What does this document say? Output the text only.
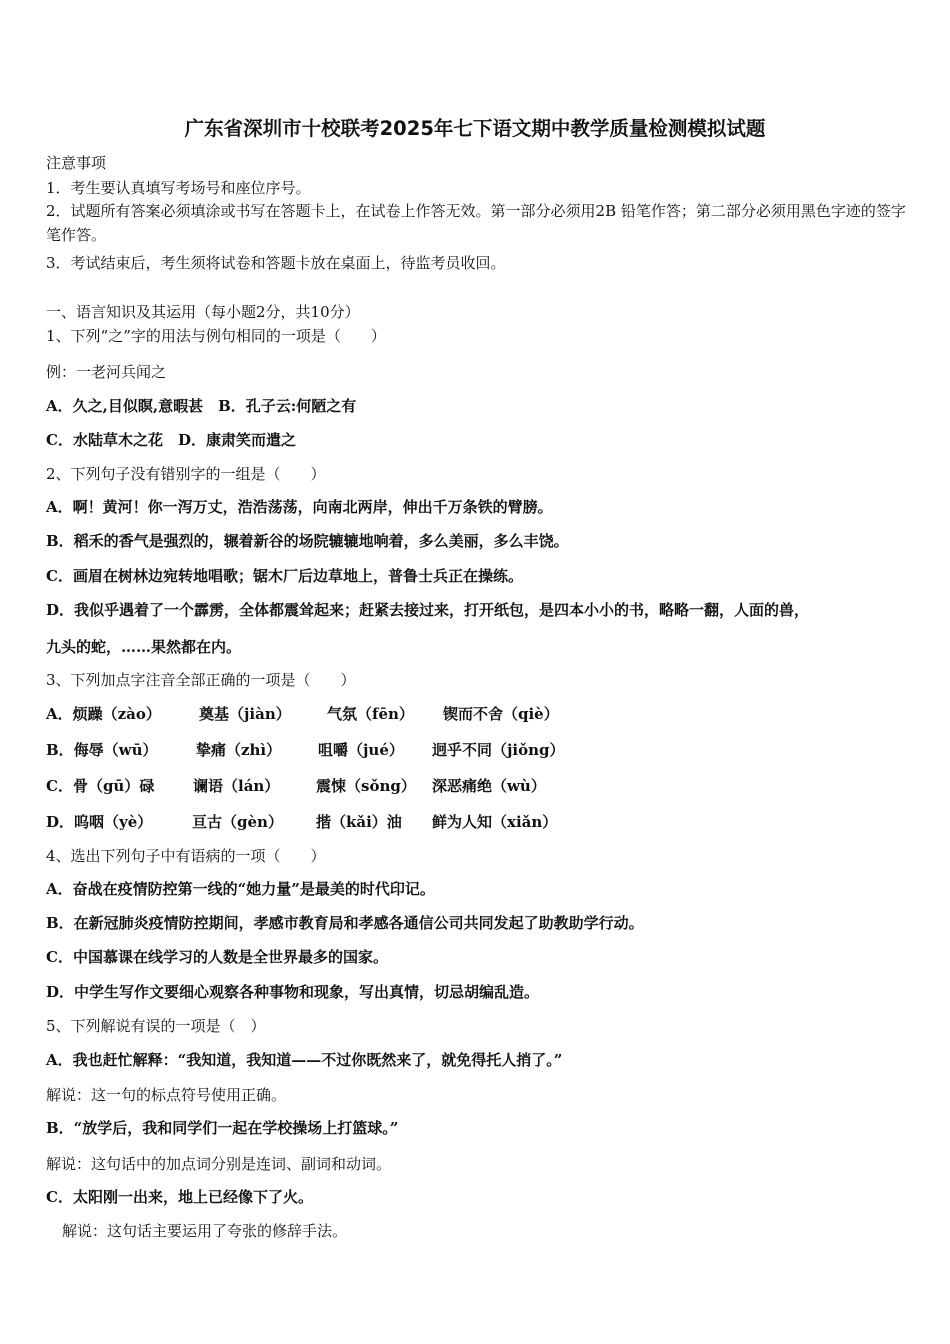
广东省深圳市十校联考2025年七下语文期中教学质量检测模拟试题
注意事项
1．考生要认真填写考场号和座位序号。
2．试题所有答案必须填涂或书写在答题卡上，在试卷上作答无效。第一部分必须用2B 铅笔作答；第二部分必须用黑色字迹的签字笔作答。
3．考试结束后，考生须将试卷和答题卡放在桌面上，待监考员收回。
一、语言知识及其运用（每小题2分，共10分）
1、下列“之”字的用法与例句相同的一项是（　　）
例：一老河兵闻之
A．久之,目似瞑,意暇甚　B．孔子云:何陋之有
C．水陆草木之花　D．康肃笑而遣之
2、下列句子没有错别字的一组是（　　）
A．啊！黄河！你一泻万丈，浩浩荡荡，向南北两岸，伸出千万条铁的臂膀。
B．稻禾的香气是强烈的，辗着新谷的场院辘辘地响着，多么美丽，多么丰饶。
C．画眉在树林边宛转地唱歌；锯木厂后边草地上，普鲁士兵正在操练。
D．我似乎遇着了一个霹雳，全体都震耸起来；赶紧去接过来，打开纸包，是四本小小的书，略略一翻，人面的兽，
九头的蛇，……果然都在内。
3、下列加点字注音全部正确的一项是（　　）
A．烦躁（zào）	奠基（jiàn） 气氛（fēn） 锲而不舍（qiè）
B．侮辱（wū）	挚痛（zhì） 咀嚼（jué） 迥乎不同（jiǒng）
C．骨（gū）碌	谰语（lán） 震悚（sǒng） 深恶痛绝（wù）
D．呜咽（yè）	亘古（gèn） 揩（kǎi）油 鲜为人知（xiǎn）
4、选出下列句子中有语病的一项（　　）
A．奋战在疫情防控第一线的“她力量”是最美的时代印记。
B．在新冠肺炎疫情防控期间，孝感市教育局和孝感各通信公司共同发起了助教助学行动。
C．中国慕课在线学习的人数是全世界最多的国家。
D．中学生写作文要细心观察各种事物和现象，写出真情，切忌胡编乱造。
5、下列解说有误的一项是（　）
A．我也赶忙解释：“我知道，我知道——不过你既然来了，就免得托人捎了。”
解说：这一句的标点符号使用正确。
B．“放学后，我和同学们一起在学校操场上打篮球。”
解说：这句话中的加点词分别是连词、副词和动词。
C．太阳刚一出来，地上已经像下了火。
解说：这句话主要运用了夸张的修辞手法。
